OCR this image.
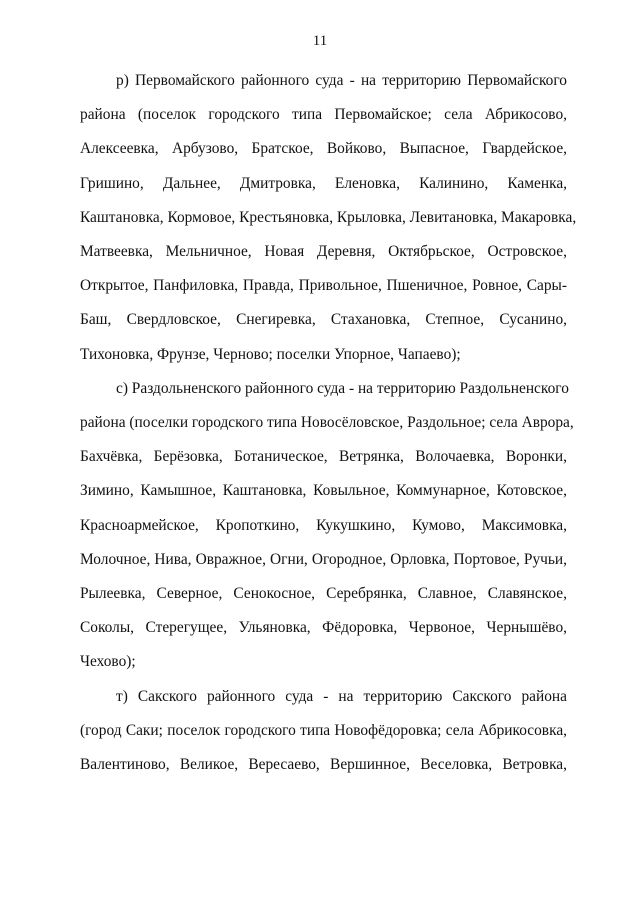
11

р) Первомайского районного суда - на территорию Первомайского
района (поселок городского типа Первомайское; села Абрикосово,
Алексеевка, Арбузово, Братское, Войково, Выпасное, Гвардейское,
Гришино, Дальнее, Дмитровка, Еленовка, Калинино, Каменка,
Каштановка, Кормовое, Крестьяновка, Крыловка, Левитановка, Макаровка,
Матвеевка, Мельничное, Новая Деревня, Октябрьское, Островское,
Открытое, Панфиловка, Правда, Привольное, Пшеничное, Ровное, Сары-
Баш, Свердловское, Снегиревка, Стахановка, Степное, Сусанино,
Тихоновка, Фрунзе, Черново; поселки Упорное, Чапаево);

с) Раздольненского районного суда - на территорию Раздольненского
района (поселки городского типа Новосёловское, Раздольное; села Аврора,
Бахчёвка, Берёзовка, Ботаническое, Ветрянка, Волочаевка, Воронки,
Зимино, Камышное, Каштановка, Ковыльное, Коммунарное, Котовское,
Красноармейское, Кропоткино, Кукушкино, Кумово, Максимовка,
Молочное, Нива, Овражное, Огни, Огородное, Орловка, Портовое, Ручьи,
Рылеевка, Северное, Сенокосное, Серебрянка, Славное, Славянское,
Соколы, Стерегущее, Ульяновка, Фёдоровка, Червоное, Чернышёво,
Чехово);

т) Сакского районного суда - на территорию Сакского района
(город Саки; поселок городского типа Новофёдоровка; села Абрикосовка,
Валентиново, Великое, Вересаево, Вершинное, Веселовка, Ветровка,
